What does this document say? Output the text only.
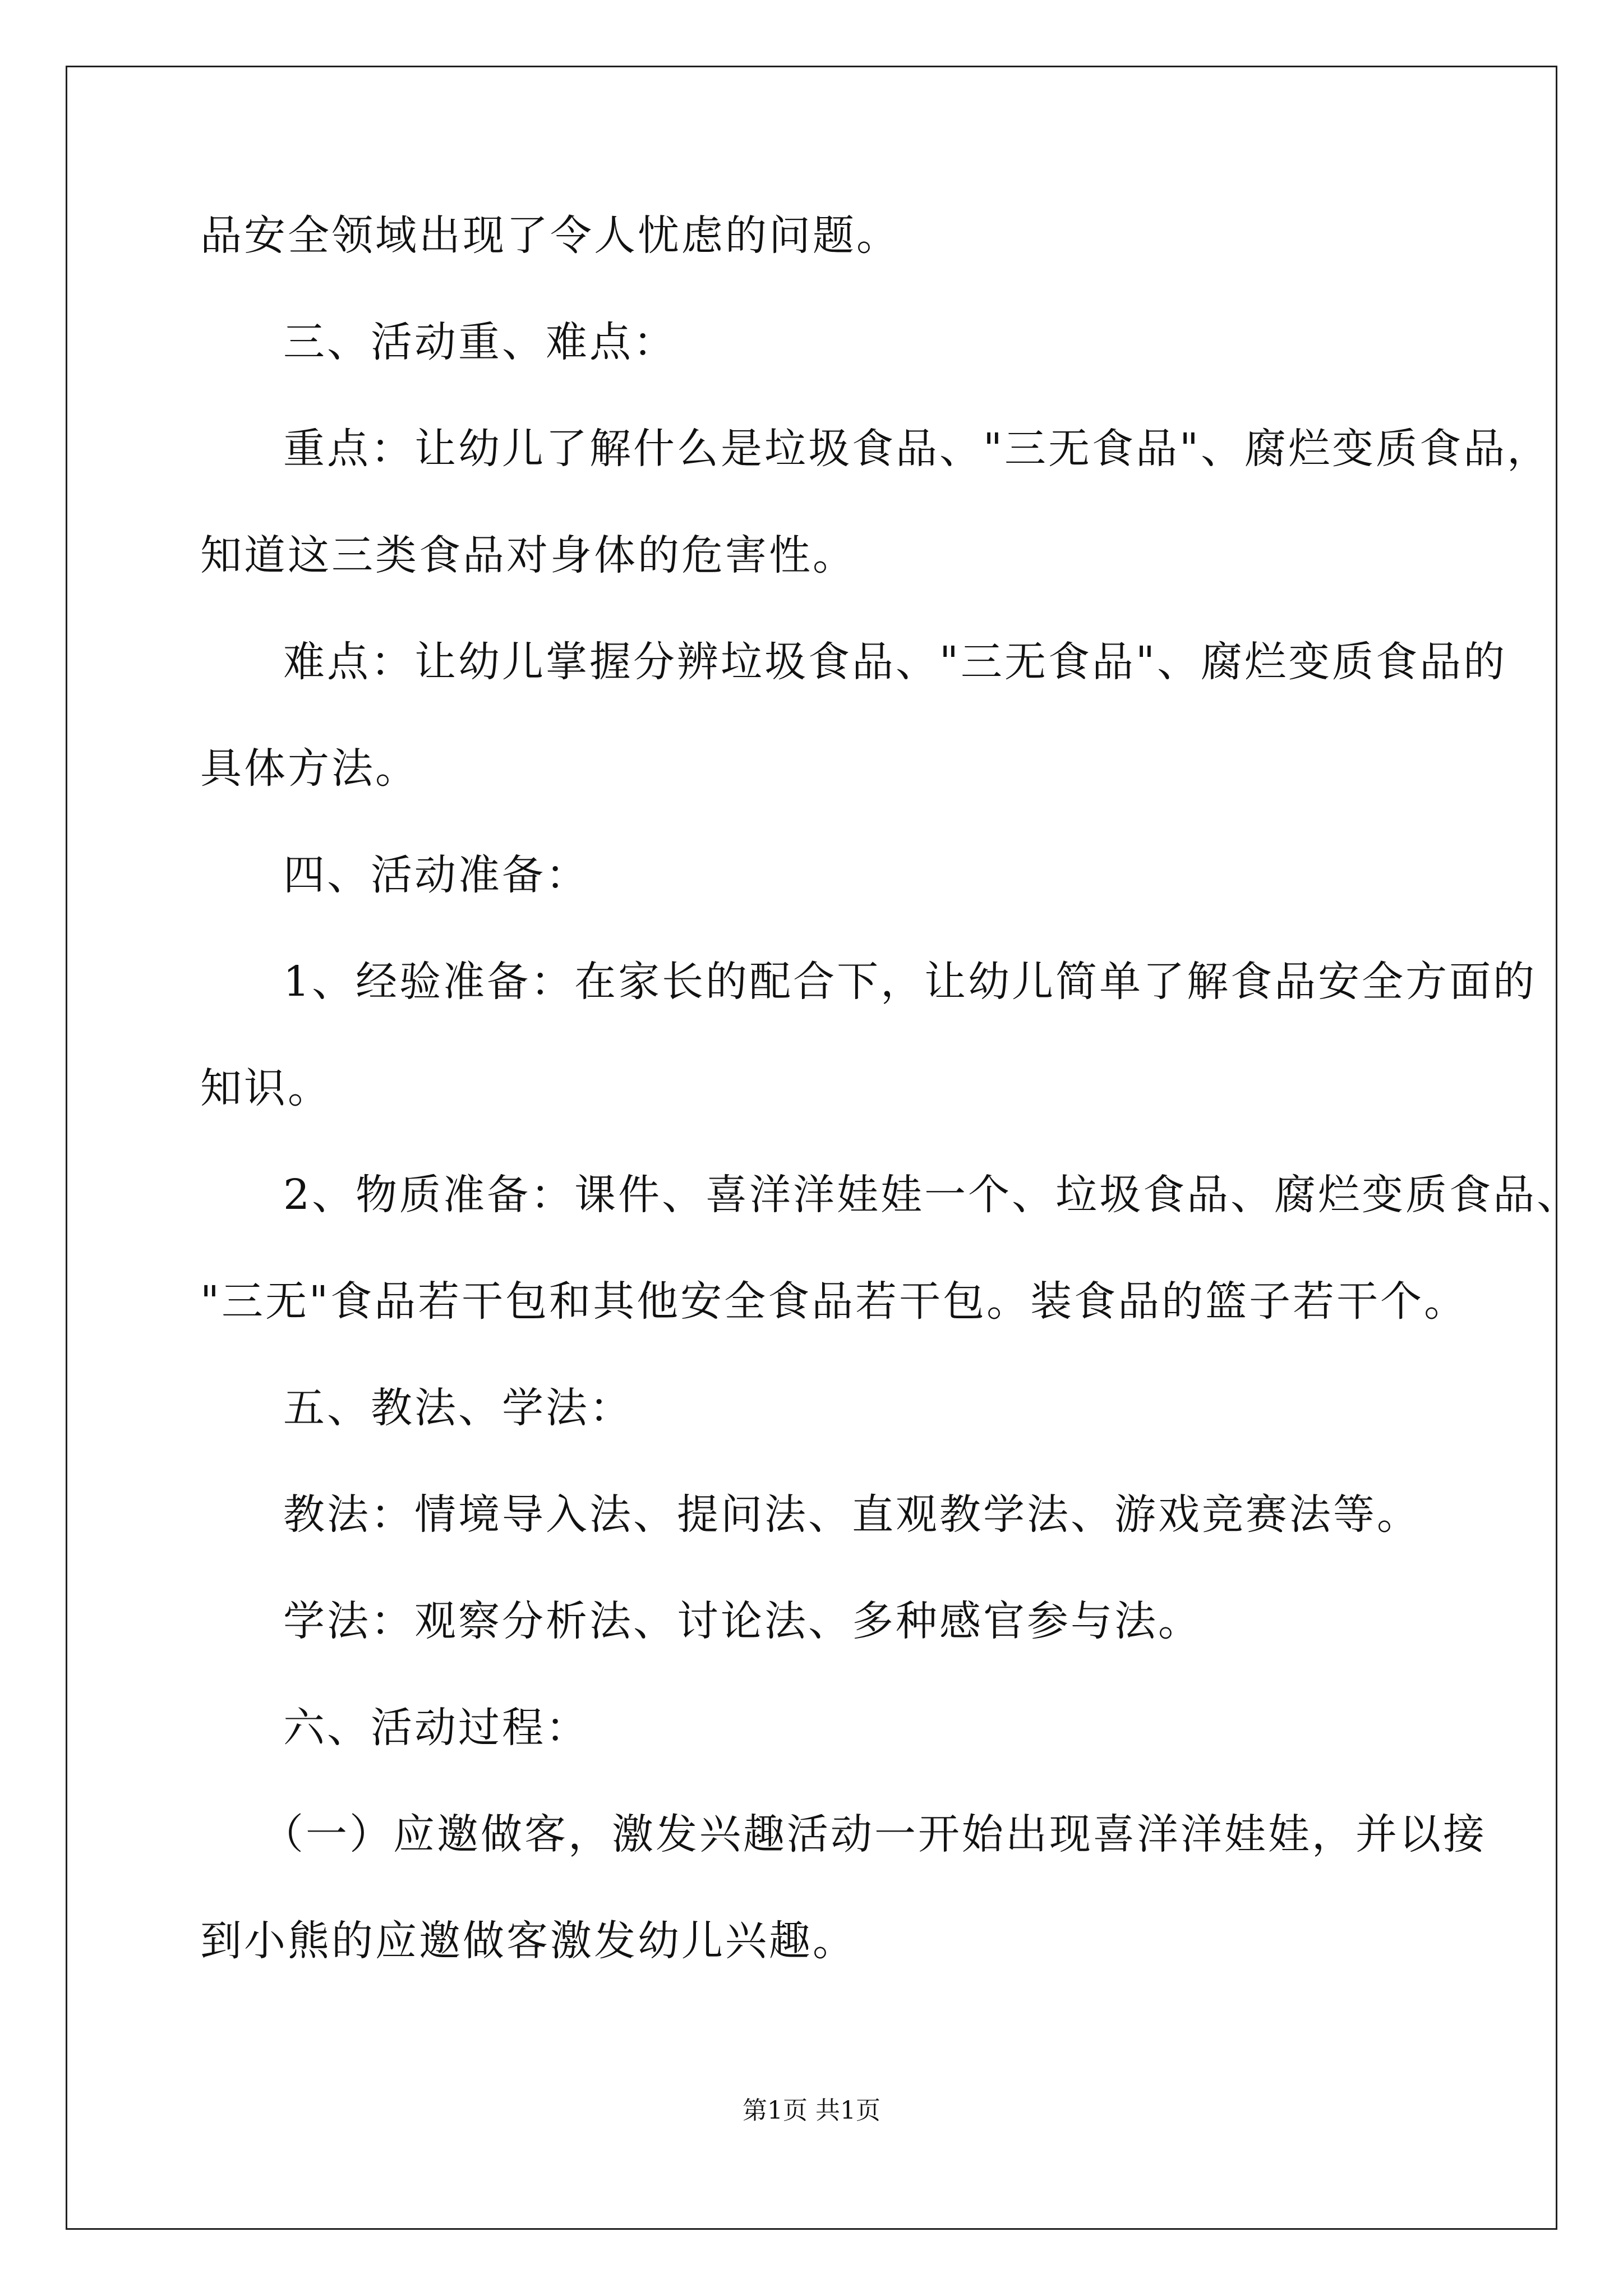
品安全领域出现了令人忧虑的问题。
三、活动重、难点：
重点：让幼儿了解什么是垃圾食品、"三无食品"、腐烂变质食品，
知道这三类食品对身体的危害性。
难点：让幼儿掌握分辨垃圾食品、"三无食品"、腐烂变质食品的
具体方法。
四、活动准备：
1、经验准备：在家长的配合下，让幼儿简单了解食品安全方面的
知识。
2、物质准备：课件、喜洋洋娃娃一个、垃圾食品、腐烂变质食品、
"三无"食品若干包和其他安全食品若干包。装食品的篮子若干个。
五、教法、学法：
教法：情境导入法、提问法、直观教学法、游戏竞赛法等。
学法：观察分析法、讨论法、多种感官参与法。
六、活动过程：
（一）应邀做客，激发兴趣活动一开始出现喜洋洋娃娃，并以接
到小熊的应邀做客激发幼儿兴趣。
第1页 共1页
